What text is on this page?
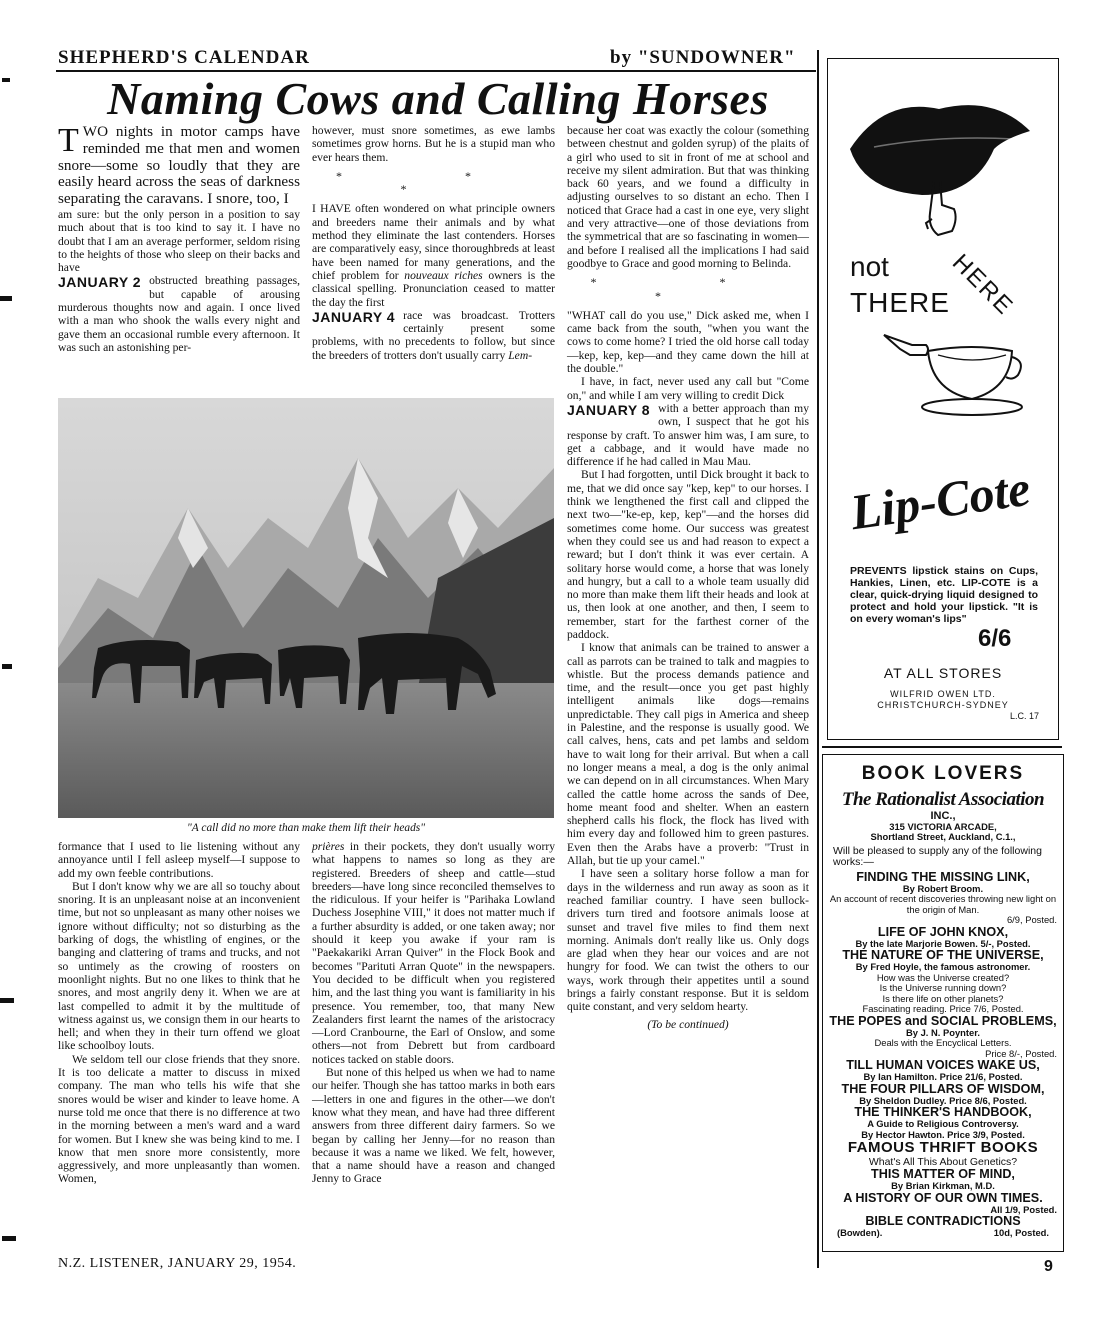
SHEPHERD'S CALENDAR	by "SUNDOWNER"
Naming Cows and Calling Horses
TWO nights in motor camps have reminded me that men and women snore—some so loudly that they are easily heard across the seas of darkness separating the caravans. I snore, too, I

am sure: but the only person in a position to say much about that is too kind to say it. I have no doubt that I am an average performer, seldom rising to the heights of those who sleep on their backs and have

JANUARY 2 obstructed breathing passages, but capable of arousing murderous thoughts now and again. I once lived with a man who shook the walls every night and gave them an occasional rumble every afternoon. It was such an astonishing per-

however, must snore sometimes, as ewe lambs sometimes grow horns. But he is a stupid man who ever hears them.

* * *

I HAVE often wondered on what principle owners and breeders name their animals and by what method they eliminate the last contenders. Horses are comparatively easy, since thoroughbreds at least have been named for many generations, and the chief problem for nouveaux riches owners is the classical spelling. Pronunciation ceased to matter the day the first

JANUARY 4 race was broadcast. Trotters certainly present some problems, with no precedents to follow, but since the breeders of trotters don't usually carry Lem-
"A call did no more than make them lift their heads"

formance that I used to lie listening without any annoyance until I fell asleep myself—I suppose to add my own feeble contributions.

But I don't know why we are all so touchy about snoring. It is an unpleasant noise at an inconvenient time, but not so unpleasant as many other noises we ignore without difficulty; not so disturbing as the barking of dogs, the whistling of engines, or the banging and clattering of trams and trucks, and not so untimely as the crowing of roosters on moonlight nights. But no one likes to think that he snores, and most angrily deny it. When we are at last compelled to admit it by the multitude of witness against us, we consign them in our hearts to hell; and when they in their turn offend we gloat like schoolboy louts.

We seldom tell our close friends that they snore. It is too delicate a matter to discuss in mixed company. The man who tells his wife that she snores would be wiser and kinder to leave home. A nurse told me once that there is no difference at two in the morning between a men's ward and a ward for women. But I knew she was being kind to me. I know that men snore more consistently, more aggressively, and more unpleasantly than women. Women,

prières in their pockets, they don't usually worry what happens to names so long as they are registered. Breeders of sheep and cattle—stud breeders—have long since reconciled themselves to the ridiculous. If your heifer is "Parihaka Lowland Duchess Josephine VIII," it does not matter much if a further absurdity is added, or one taken away; nor should it keep you awake if your ram is "Paekakariki Arran Quiver" in the Flock Book and becomes "Parituti Arran Quote" in the newspapers. You decided to be difficult when you registered him, and the last thing you want is familiarity in his presence. You remember, too, that many New Zealanders first learnt the names of the aristocracy—Lord Cranbourne, the Earl of Onslow, and some others—not from Debrett but from cardboard notices tacked on stable doors.

But none of this helped us when we had to name our heifer. Though she has tattoo marks in both ears—letters in one and figures in the other—we don't know what they mean, and have had three different answers from three different dairy farmers. So we began by calling her Jenny—for no reason than because it was a name we liked. We felt, however, that a name should have a reason and changed Jenny to Grace

because her coat was exactly the colour (something between chestnut and golden syrup) of the plaits of a girl who used to sit in front of me at school and receive my silent admiration. But that was thinking back 60 years, and we found a difficulty in adjusting ourselves to so distant an echo. Then I noticed that Grace had a cast in one eye, very slight and very attractive—one of those deviations from the symmetrical that are so fascinating in women—and before I realised all the implications I had said goodbye to Grace and good morning to Belinda.

* * *

"WHAT call do you use," Dick asked me, when I came back from the south, "when you want the cows to come home? I tried the old horse call today—kep, kep, kep—and they came down the hill at the double."

I have, in fact, never used any call but "Come on," and while I am very willing to credit Dick

JANUARY 8 with a better approach than my own, I suspect that he got his response by craft. To answer him was, I am sure, to get a cabbage, and it would have made no difference if he had called in Mau Mau.

But I had forgotten, until Dick brought it back to me, that we did once say "kep, kep" to our horses. I think we lengthened the first call and clipped the next two—"ke-ep, kep, kep"—and the horses did sometimes come home. Our success was greatest when they could see us and had reason to expect a reward; but I don't think it was ever certain. A solitary horse would come, a horse that was lonely and hungry, but a call to a whole team usually did no more than make them lift their heads and look at us, then look at one another, and then, I seem to remember, start for the farthest corner of the paddock.

I know that animals can be trained to answer a call as parrots can be trained to talk and magpies to whistle. But the process demands patience and time, and the result—once you get past highly intelligent animals like dogs—remains unpredictable. They call pigs in America and sheep in Palestine, and the response is usually good. We call calves, hens, cats and pet lambs and seldom have to wait long for their arrival. But when a call no longer means a meal, a dog is the only animal we can depend on in all circumstances. When Mary called the cattle home across the sands of Dee, home meant food and shelter. When an eastern shepherd calls his flock, the flock has lived with him every day and followed him to green pastures. Even then the Arabs have a proverb: "Trust in Allah, but tie up your camel."

I have seen a solitary horse follow a man for days in the wilderness and run away as soon as it reached familiar country. I have seen bullock-drivers turn tired and footsore animals loose at sunset and travel five miles to find them next morning. Animals don't really like us. Only dogs are glad when they hear our voices and are not hungry for food. We can twist the others to our ways, work through their appetites until a sound brings a fairly constant response. But it is seldom quite constant, and very seldom hearty.

(To be continued)
N.Z. LISTENER, JANUARY 29, 1954.	9
HERE
not
THERE
Lip-Cote
PREVENTS lipstick stains on Cups, Hankies, Linen, etc. LIP-COTE is a clear, quick-drying liquid designed to protect and hold your lipstick. "It is on every woman's lips"
6/6
AT ALL STORES
WILFRID OWEN LTD.
CHRISTCHURCH-SYDNEY
L.C. 17
BOOK LOVERS
The Rationalist Association
INC.,
315 VICTORIA ARCADE,
Shortland Street, Auckland, C.1.,
Will be pleased to supply any of the following works:—
FINDING THE MISSING LINK,
By Robert Broom.
An account of recent discoveries throwing new light on the origin of Man.
6/9, Posted.
LIFE OF JOHN KNOX,
By the late Marjorie Bowen. 5/-, Posted.
THE NATURE OF THE UNIVERSE,
By Fred Hoyle, the famous astronomer.
How was the Universe created?
Is the Universe running down?
Is there life on other planets?
Fascinating reading. Price 7/6, Posted.
THE POPES and SOCIAL PROBLEMS,
By J. N. Poynter.
Deals with the Encyclical Letters.
Price 8/-, Posted.
TILL HUMAN VOICES WAKE US,
By Ian Hamilton. Price 21/6, Posted.
THE FOUR PILLARS OF WISDOM,
By Sheldon Dudley. Price 8/6, Posted.
THE THINKER'S HANDBOOK,
A Guide to Religious Controversy.
By Hector Hawton. Price 3/9, Posted.
FAMOUS THRIFT BOOKS
What's All This About Genetics?
THIS MATTER OF MIND,
By Brian Kirkman, M.D.
A HISTORY OF OUR OWN TIMES.
All 1/9, Posted.
BIBLE CONTRADICTIONS
(Bowden).	10d, Posted.
